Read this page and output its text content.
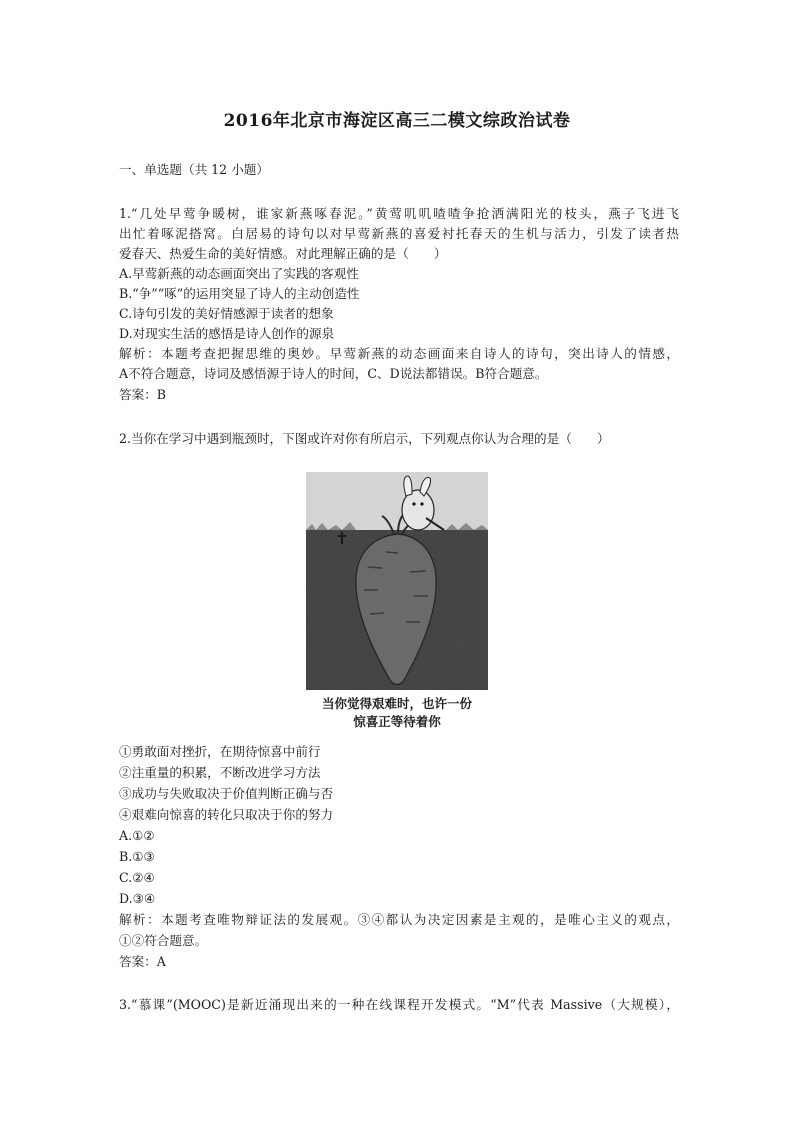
2016年北京市海淀区高三二模文综政治试卷
一、单选题（共 12 小题）
1.“几处早莺争暖树，谁家新燕啄春泥。”黄莺叽叽喳喳争抢洒满阳光的枝头，燕子飞进飞
出忙着啄泥搭窝。白居易的诗句以对早莺新燕的喜爱衬托春天的生机与活力，引发了读者热
爱春天、热爱生命的美好情感。对此理解正确的是（　　）
A.早莺新燕的动态画面突出了实践的客观性
B.“争”“啄”的运用突显了诗人的主动创造性
C.诗句引发的美好情感源于读者的想象
D.对现实生活的感悟是诗人创作的源泉
解析：本题考查把握思维的奥妙。早莺新燕的动态画面来自诗人的诗句，突出诗人的情感，
A不符合题意，诗词及感悟源于诗人的时间，C、D说法都错误。B符合题意。
答案：B
2.当你在学习中遇到瓶颈时，下图或许对你有所启示，下列观点你认为合理的是（　　）
当你觉得艰难时，也许一份
惊喜正等待着你
①勇敢面对挫折，在期待惊喜中前行
②注重量的积累，不断改进学习方法
③成功与失败取决于价值判断正确与否
④艰难向惊喜的转化只取决于你的努力
A.①②
B.①③
C.②④
D.③④
解析：本题考查唯物辩证法的发展观。③④都认为决定因素是主观的，是唯心主义的观点，
①②符合题意。
答案：A
3.“慕课”(MOOC)是新近涌现出来的一种在线课程开发模式。“M”代表 Massive（大规模），
